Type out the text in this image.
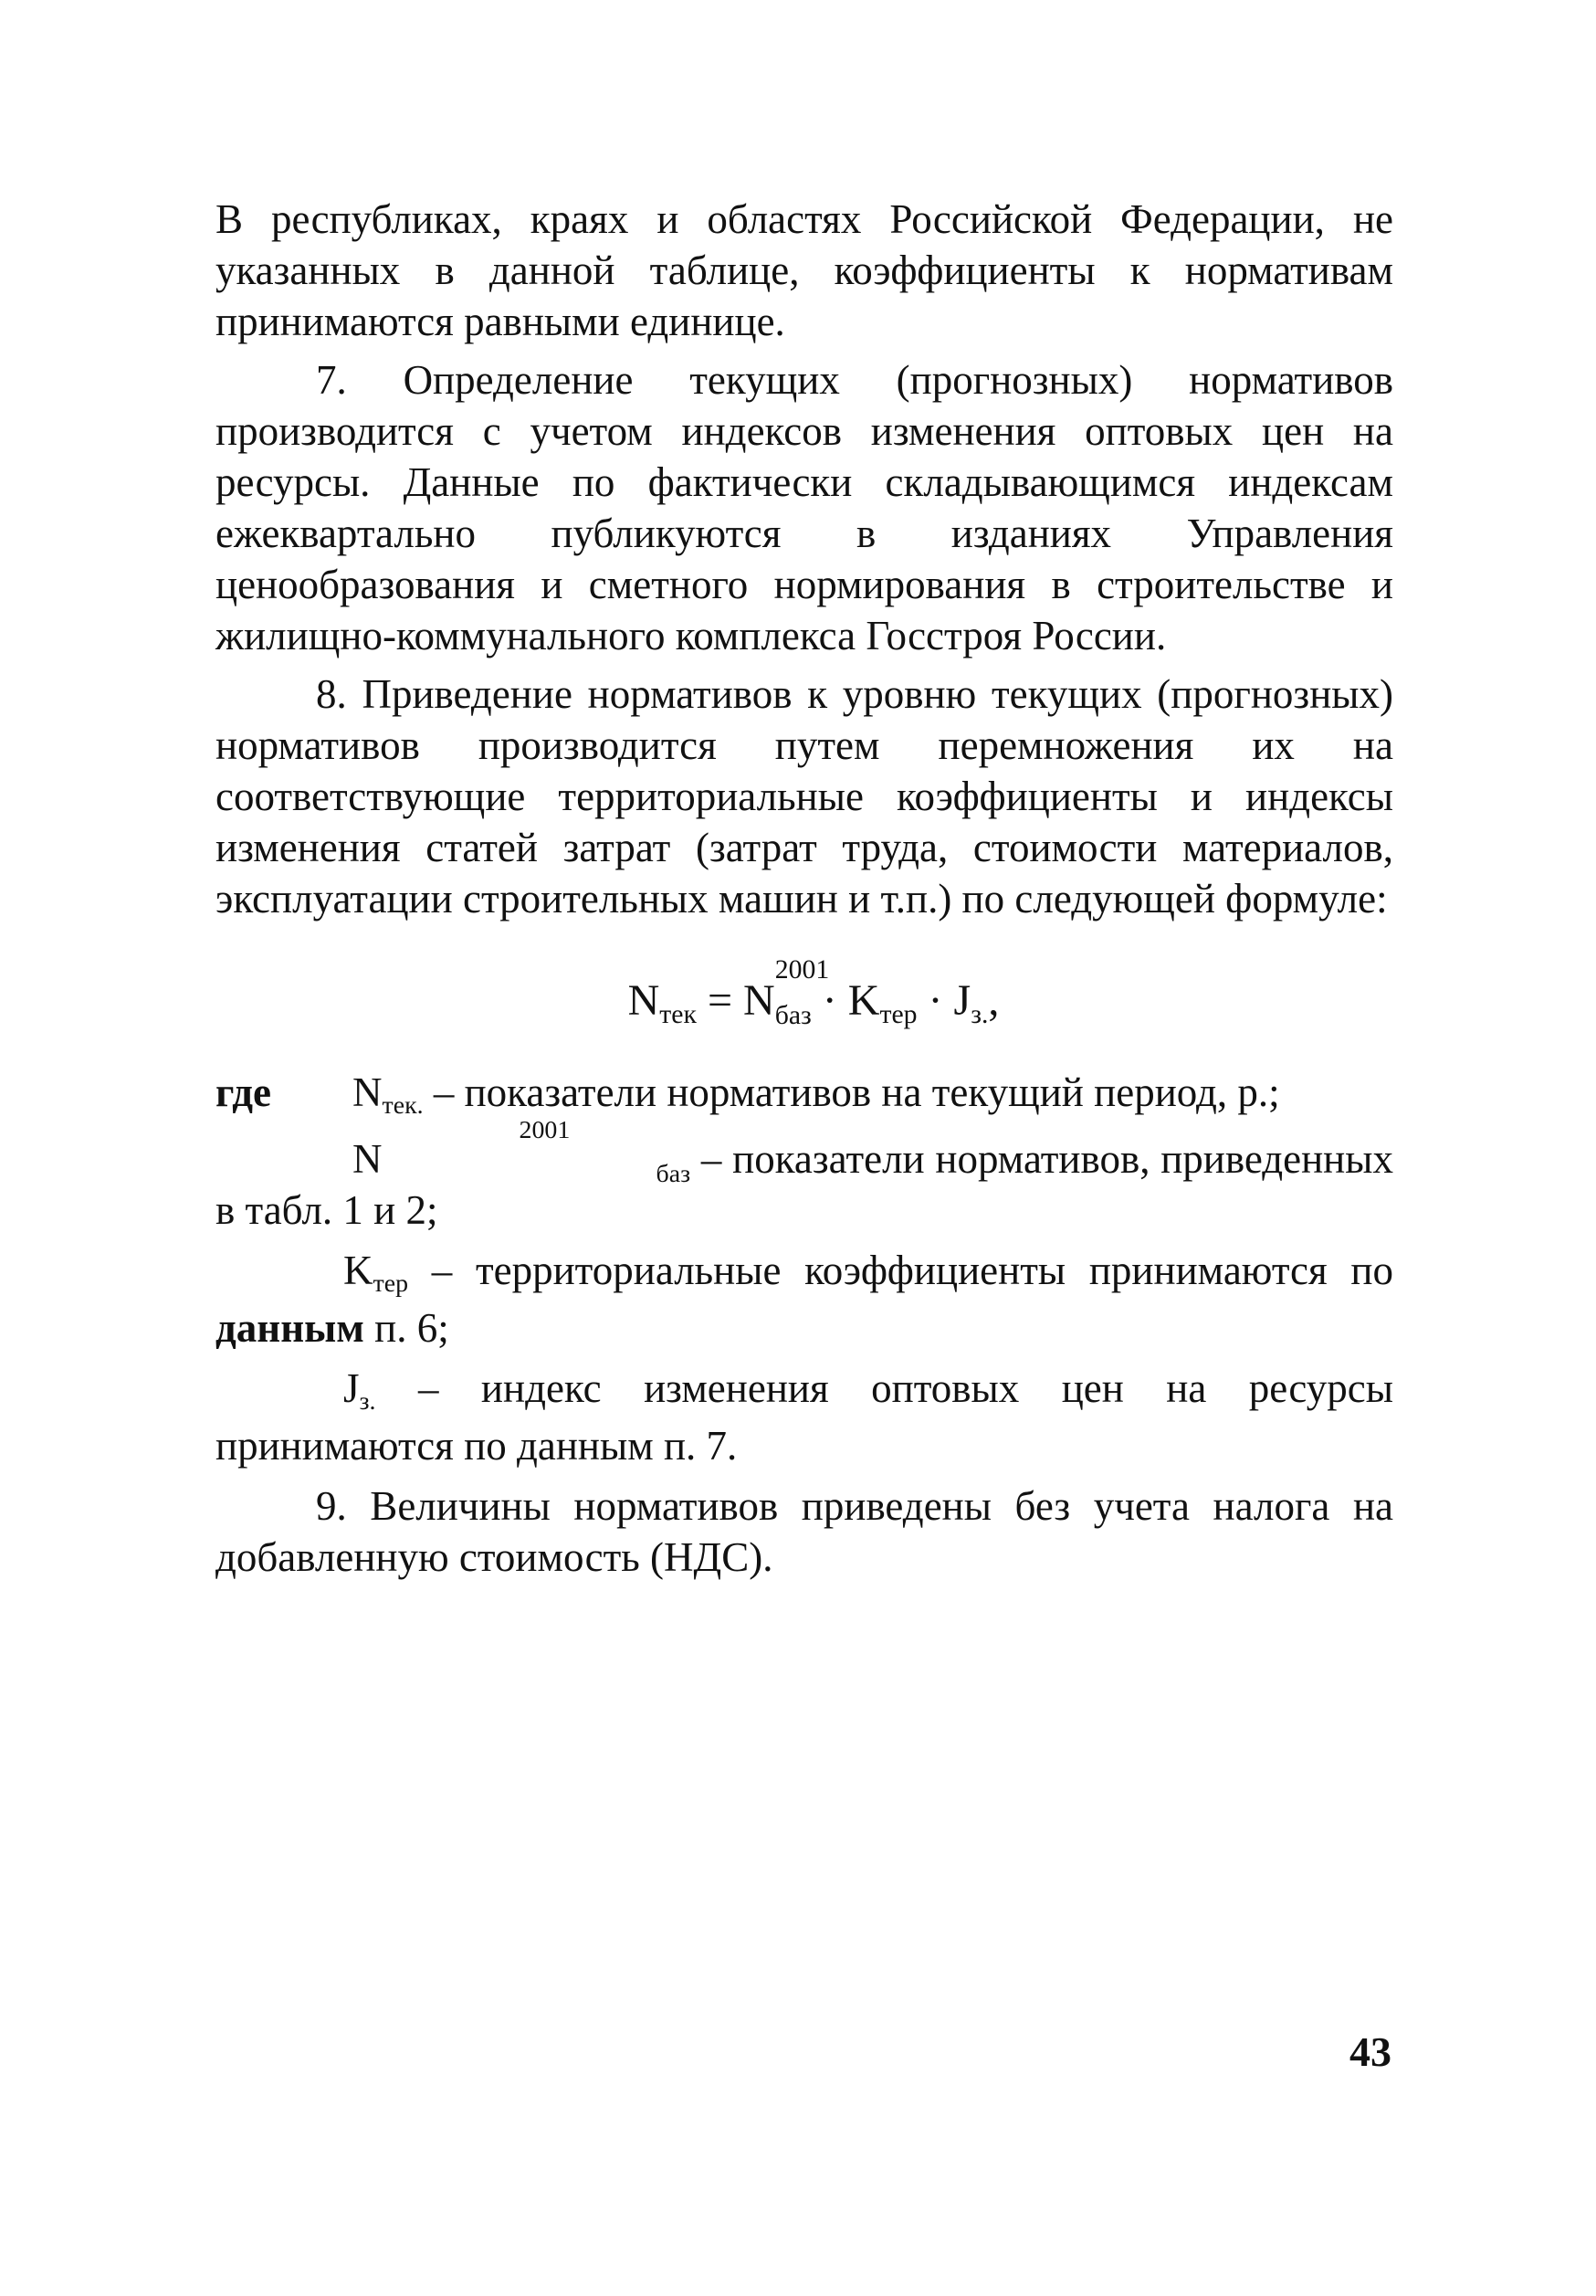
В республиках, краях и областях Российской Федерации, не указанных в данной таблице, коэффициенты к нормативам принимаются равными единице.

7. Определение текущих (прогнозных) нормативов производится с учетом индексов изменения оптовых цен на ресурсы. Данные по фактически складывающимся индексам ежеквартально публикуются в изданиях Управления ценообразования и сметного нормирования в строительстве и жилищно-коммунального комплекса Госстроя России.

8. Приведение нормативов к уровню текущих (прогнозных) нормативов производится путем перемножения их на соответствующие территориальные коэффициенты и индексы изменения статей затрат (затрат труда, стоимости материалов, эксплуатации строительных машин и т.п.) по следующей формуле:

Nтек = N
2001
баз · Kтер · Jз.,
где	Nтек. – показатели нормативов на текущий период, р.;

N
2001
баз – показатели нормативов, приведенных в табл. 1 и 2;

Kтер – территориальные коэффициенты принимаются по данным п. 6;

Jз. – индекс изменения оптовых цен на ресурсы принимаются по данным п. 7.

9. Величины нормативов приведены без учета налога на добавленную стоимость (НДС).

43
